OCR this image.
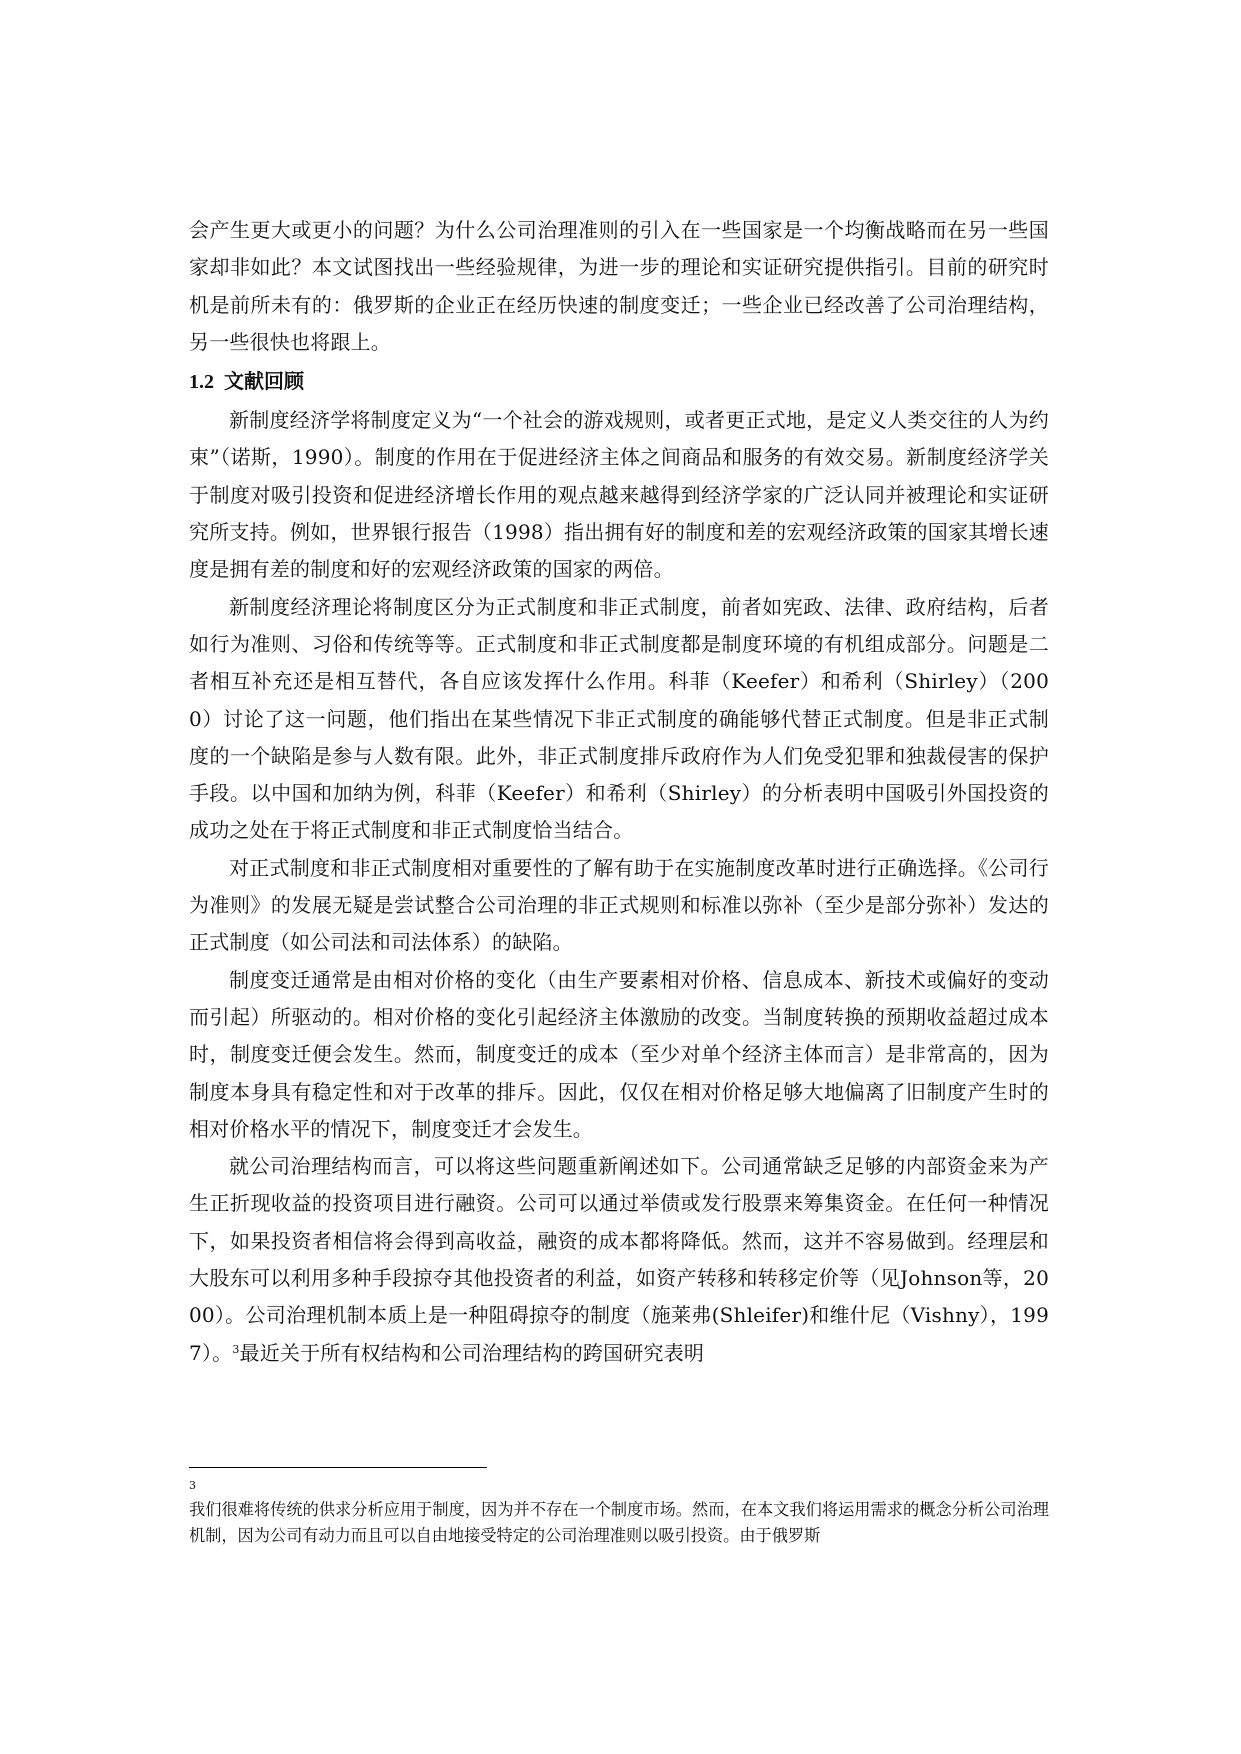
会产生更大或更小的问题？为什么公司治理准则的引入在一些国家是一个均衡战略而在另一些国家却非如此？本文试图找出一些经验规律，为进一步的理论和实证研究提供指引。目前的研究时机是前所未有的：俄罗斯的企业正在经历快速的制度变迁；一些企业已经改善了公司治理结构，另一些很快也将跟上。

1.2 文献回顾

新制度经济学将制度定义为“一个社会的游戏规则，或者更正式地，是定义人类交往的人为约束”（诺斯，1990）。制度的作用在于促进经济主体之间商品和服务的有效交易。新制度经济学关于制度对吸引投资和促进经济增长作用的观点越来越得到经济学家的广泛认同并被理论和实证研究所支持。例如，世界银行报告（1998）指出拥有好的制度和差的宏观经济政策的国家其增长速度是拥有差的制度和好的宏观经济政策的国家的两倍。

新制度经济理论将制度区分为正式制度和非正式制度，前者如宪政、法律、政府结构，后者如行为准则、习俗和传统等等。正式制度和非正式制度都是制度环境的有机组成部分。问题是二者相互补充还是相互替代，各自应该发挥什么作用。科菲（Keefer）和希利（Shirley）（2000）讨论了这一问题，他们指出在某些情况下非正式制度的确能够代替正式制度。但是非正式制度的一个缺陷是参与人数有限。此外，非正式制度排斥政府作为人们免受犯罪和独裁侵害的保护手段。以中国和加纳为例，科菲（Keefer）和希利（Shirley）的分析表明中国吸引外国投资的成功之处在于将正式制度和非正式制度恰当结合。

对正式制度和非正式制度相对重要性的了解有助于在实施制度改革时进行正确选择。《公司行为准则》的发展无疑是尝试整合公司治理的非正式规则和标准以弥补（至少是部分弥补）发达的正式制度（如公司法和司法体系）的缺陷。

制度变迁通常是由相对价格的变化（由生产要素相对价格、信息成本、新技术或偏好的变动而引起）所驱动的。相对价格的变化引起经济主体激励的改变。当制度转换的预期收益超过成本时，制度变迁便会发生。然而，制度变迁的成本（至少对单个经济主体而言）是非常高的，因为制度本身具有稳定性和对于改革的排斥。因此，仅仅在相对价格足够大地偏离了旧制度产生时的相对价格水平的情况下，制度变迁才会发生。

就公司治理结构而言，可以将这些问题重新阐述如下。公司通常缺乏足够的内部资金来为产生正折现收益的投资项目进行融资。公司可以通过举债或发行股票来筹集资金。在任何一种情况下，如果投资者相信将会得到高收益，融资的成本都将降低。然而，这并不容易做到。经理层和大股东可以利用多种手段掠夺其他投资者的利益，如资产转移和转移定价等（见Johnson等，2000）。公司治理机制本质上是一种阻碍掠夺的制度（施莱弗(Shleifer)和维什尼（Vishny），1997）。$^3$最近关于所有权结构和公司治理结构的跨国研究表明

3

我们很难将传统的供求分析应用于制度，因为并不存在一个制度市场。然而，在本文我们将运用需求的概念分析公司治理机制，因为公司有动力而且可以自由地接受特定的公司治理准则以吸引投资。由于俄罗斯
